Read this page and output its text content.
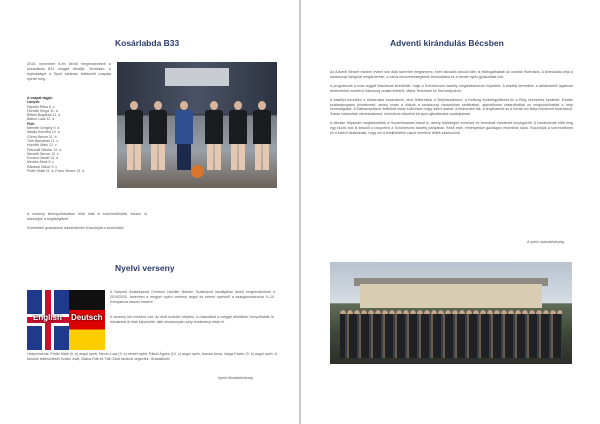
Kosárlabda B33

2016. november 5-én került megrendezésre a kosárlabda B33 megyei döntője, Vecsésen. A bajnokságot a Sport kiválóan felkészült csapata nyerte meg.

A csapat tagjai:
Lányok:
Egreshi Réka 6. c
Horváth Kinga 11. a
Békés Boglárka 11. a
Babos Luca 12. a
Fiúk:
Németh Gergely 9. a
Nádas Kornélia 10. a
Göncz Bence 11. b
Tóth Barnabás 11. c
Horváth Márk 12. c
Pancsáll Sándor 12. a
Németh Bence 12. c
Kovács Dániel 12. a
Mentes Ábris 9. c
Rábasal Gábor 9. c
Pintér Máté 11. a, Fodor Bence 13. a

A verseny lebonyolításában több diák is közreműködött, ezúton is köszönjük a segítségüket!

Szeretettel gratulálunk mindenkinek! Köszönjük a szurkolást!

Nyelvi verseny
English Deutsch

A Szepesi Szakképzési Centrum Handler Nándor Szakképző Iskolájában került megrendezésre a 2019/2020. tanévben a megyei nyelvi verseny angol és német nyelvből a szakgimnáziumok 9–10. évfolyamos tanulói részére.

A verseny két fordulós volt, az első fordulót helyben, a másodikat a megyei döntőben bonyolították le. Iskolánkat öt diák képviselte, akik mindannyian szép eredményt értek el.

Helyezéseink: Pintér Máté (9. b) angol nyelv, Mezei Luca (9. b) német nyelv, Pálcsi Ágnes (10. c) angol nyelv, Aracsa Anna, Varga Eszter (9. b) angol nyelv. A tanulók felkészítését Szabó Judit, Bakos Edit és Tóth Zsolt tanárok végezték. Gratulálunk!

Nyelvi Munkaközösség

Adventi kirándulás Bécsben

Az Adventi Bécset minden évben sok diák szeretné megismerni, ezért iskolánk tanulói idén is ellátogathattak az osztrák fővárosba. A kirándulás célja a karácsonyi hangulat megismerése, a város nevezetességeinek bemutatása és a német nyelv gyakorlása volt.

A programunk a kora reggeli indulással kezdődött, majd a Schönbrunni kastély megtekintésével folytattuk. A kastély termeiben a tárlatvezető izgalmas történeteket mesélt a Habsburg család életéről, Mária Teréziáról és Sisi királynéról.

A kastélyt követően a belvárosba buszoztunk, ahol felkerestük a Stephansdomot, a Hofburg épületegyüttesét és a Ring nevezetes épületeit. Ezután szabadprogram következett, amely során a diákok a karácsonyi vásárokban sétálhattak, ajándékokat vásárolhattak és megkóstolhatták a helyi finomságokat. A Rathausplatzon felállított vásár különösen nagy sikert aratott: a feldíszített fák, a fényfüzérek és a forralt bor illata mindenkit elvarázsolt. Sokan vásároltak mézeskalácsot, kézműves díszeket és apró ajándékokat családjuknak.

A délután folyamán megtekintettük a Hundertwasser-házat is, amely különleges színeivel és formáival mindenkit lenyűgözött. A hazaindulás előtt még egy közös fotó is készült a csoportról a Schönbrunni kastély parkjában. Késő este, élményekkel gazdagon érkeztünk haza. Köszönjük a szervezőknek és a kísérő tanároknak, hogy ezt a felejthetetlen napot lehetővé tették számunkra!

A nyelvi munkaközösség
